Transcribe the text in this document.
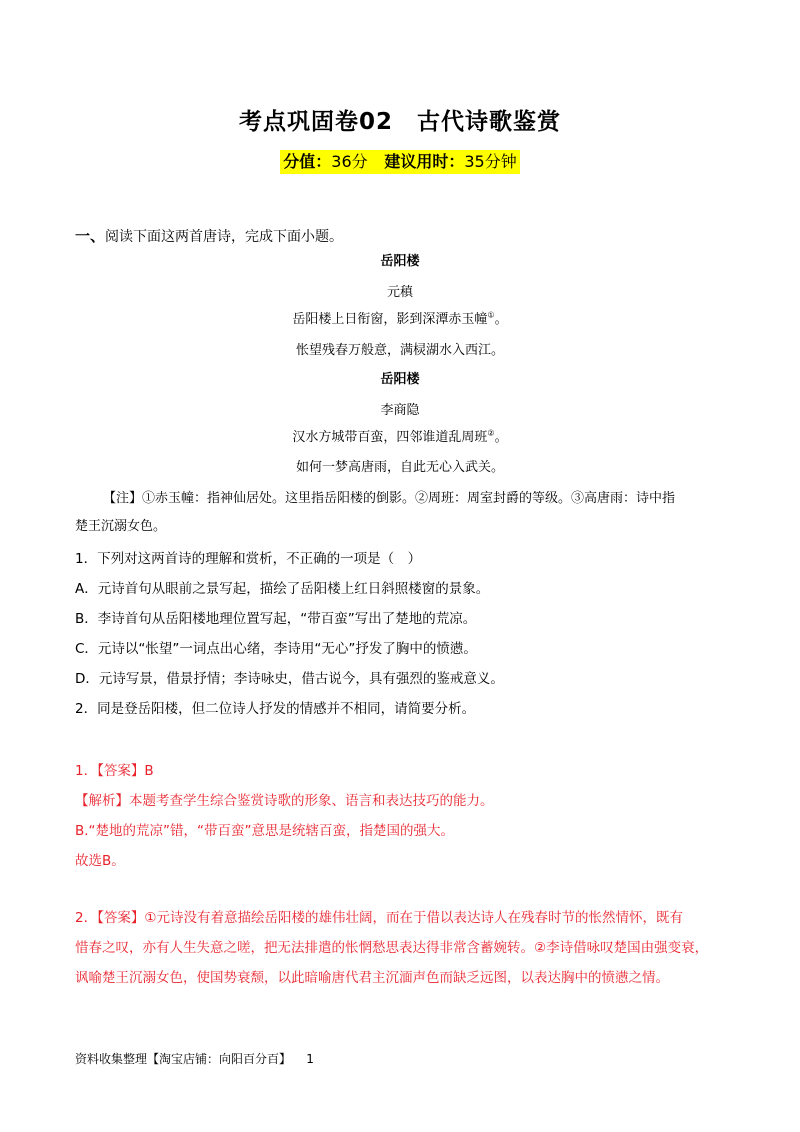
考点巩固卷02　古代诗歌鉴赏
分值：36分 建议用时：35分钟
一、阅读下面这两首唐诗，完成下面小题。
岳阳楼
元稹
岳阳楼上日衔窗，影到深潭赤玉幢①。
怅望残春万般意，满棂湖水入西江。
岳阳楼
李商隐
汉水方城带百蛮，四邻谁道乱周班②。
如何一梦高唐雨，自此无心入武关。
【注】①赤玉幢：指神仙居处。这里指岳阳楼的倒影。②周班：周室封爵的等级。③高唐雨：诗中指
楚王沉溺女色。
1．下列对这两首诗的理解和赏析，不正确的一项是（　）
A．元诗首句从眼前之景写起，描绘了岳阳楼上红日斜照楼窗的景象。
B．李诗首句从岳阳楼地理位置写起，“带百蛮”写出了楚地的荒凉。
C．元诗以“怅望”一词点出心绪，李诗用“无心”抒发了胸中的愤懑。
D．元诗写景，借景抒情；李诗咏史，借古说今，具有强烈的鉴戒意义。
2．同是登岳阳楼，但二位诗人抒发的情感并不相同，请简要分析。
1．【答案】B
【解析】本题考查学生综合鉴赏诗歌的形象、语言和表达技巧的能力。
B.“楚地的荒凉”错，“带百蛮”意思是统辖百蛮，指楚国的强大。
故选B。
2．【答案】①元诗没有着意描绘岳阳楼的雄伟壮阔，而在于借以表达诗人在残春时节的怅然情怀，既有
惜春之叹，亦有人生失意之嗟，把无法排遣的怅惘愁思表达得非常含蓄婉转。②李诗借咏叹楚国由强变衰，
讽喻楚王沉溺女色，使国势衰颓，以此暗喻唐代君主沉湎声色而缺乏远图，以表达胸中的愤懑之情。
资料收集整理【淘宝店铺：向阳百分百】 1
